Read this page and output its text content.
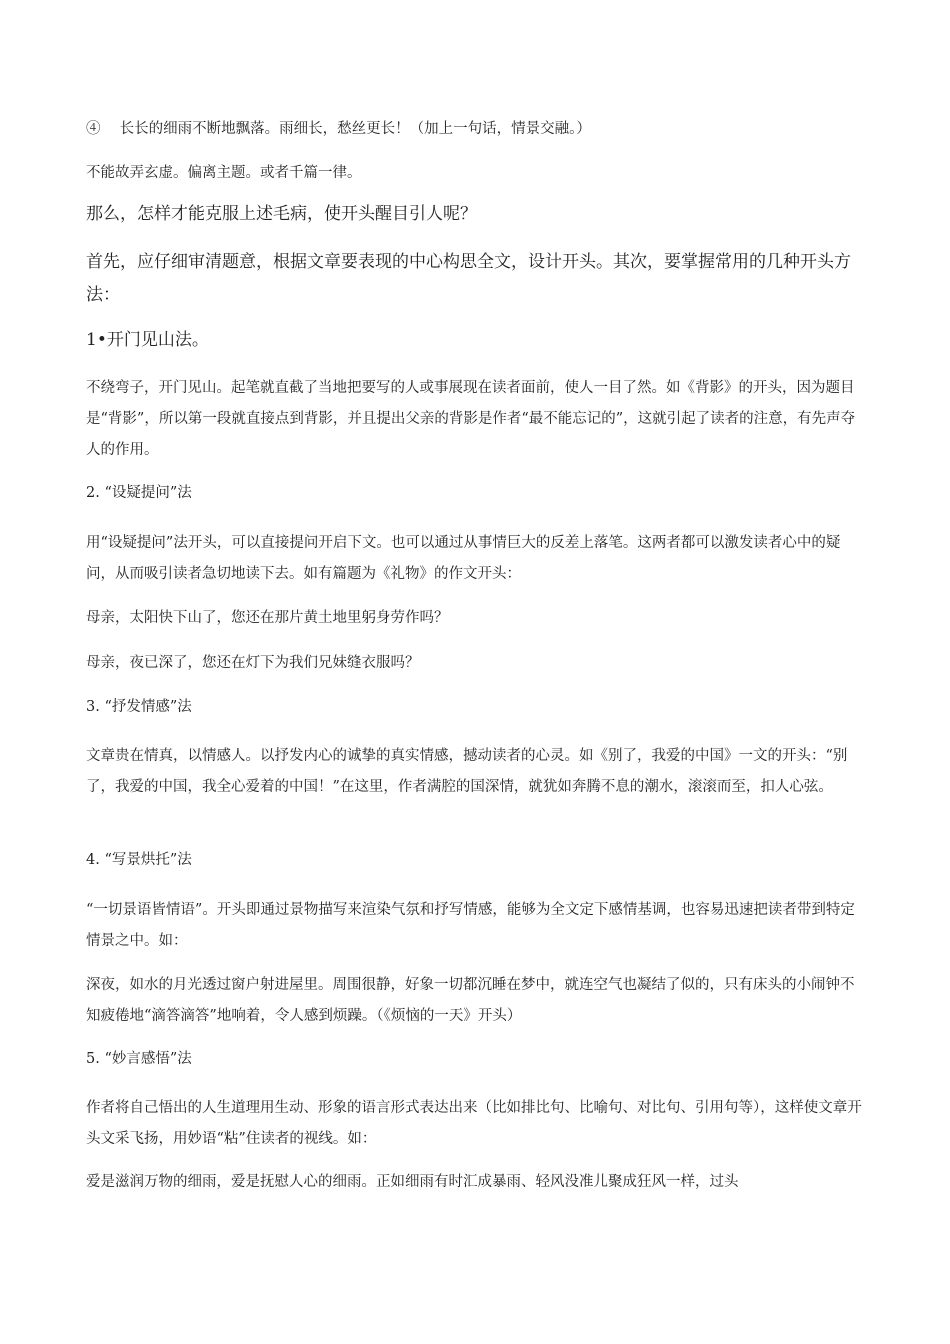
④　 长长的细雨不断地飘落。雨细长，愁丝更长！（加上一句话，情景交融。）

不能故弄玄虚。偏离主题。或者千篇一律。

那么，怎样才能克服上述毛病，使开头醒目引人呢？

首先，应仔细审清题意，根据文章要表现的中心构思全文，设计开头。其次，要掌握常用的几种开头方法：

1•开门见山法。

不绕弯子，开门见山。起笔就直截了当地把要写的人或事展现在读者面前，使人一目了然。如《背影》的开头，因为题目是“背影”，所以第一段就直接点到背影，并且提出父亲的背影是作者“最不能忘记的”，这就引起了读者的注意，有先声夺人的作用。

2. “设疑提问”法

用“设疑提问”法开头，可以直接提问开启下文。也可以通过从事情巨大的反差上落笔。这两者都可以激发读者心中的疑问，从而吸引读者急切地读下去。如有篇题为《礼物》的作文开头：

母亲，太阳快下山了，您还在那片黄土地里躬身劳作吗？

母亲，夜已深了，您还在灯下为我们兄妹缝衣服吗？

3. “抒发情感”法

文章贵在情真，以情感人。以抒发内心的诚挚的真实情感，撼动读者的心灵。如《别了，我爱的中国》一文的开头：“别了，我爱的中国，我全心爱着的中国！”在这里，作者满腔的国深情，就犹如奔腾不息的潮水，滚滚而至，扣人心弦。

4. “写景烘托”法

“一切景语皆情语”。开头即通过景物描写来渲染气氛和抒写情感，能够为全文定下感情基调，也容易迅速把读者带到特定情景之中。如：

深夜，如水的月光透过窗户射进屋里。周围很静，好象一切都沉睡在梦中，就连空气也凝结了似的，只有床头的小闹钟不知疲倦地“滴答滴答”地响着，令人感到烦躁。（《烦恼的一天》开头）

5. “妙言感悟”法

作者将自己悟出的人生道理用生动、形象的语言形式表达出来（比如排比句、比喻句、对比句、引用句等），这样使文章开头文采飞扬，用妙语“粘”住读者的视线。如：

爱是滋润万物的细雨，爱是抚慰人心的细雨。正如细雨有时汇成暴雨、轻风没准儿聚成狂风一样，过头
